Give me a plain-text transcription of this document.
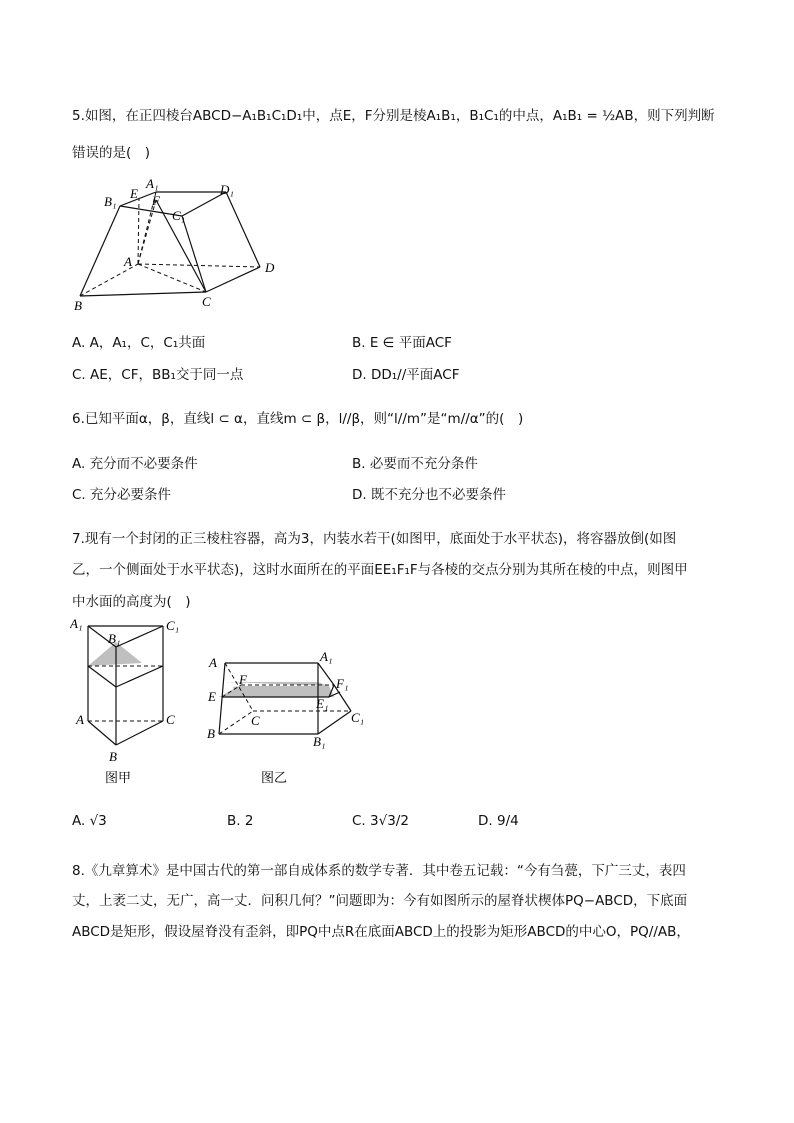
5.如图，在正四棱台ABCD−A₁B₁C₁D₁中，点E，F分别是棱A₁B₁，B₁C₁的中点，A₁B₁ = ½AB，则下列判断
错误的是(　)
B₁
E
A₁
F
C₁
D₁
A	D
B	C
A. A，A₁，C，C₁共面	B. E ∈ 平面ACF
C. AE，CF，BB₁交于同一点	D. DD₁//平面ACF
6.已知平面α，β，直线l ⊂ α，直线m ⊂ β，l//β，则“l//m”是“m//α”的(　)
A. 充分而不必要条件	B. 必要而不充分条件
C. 充分必要条件	D. 既不充分也不必要条件
7.现有一个封闭的正三棱柱容器，高为3，内装水若干(如图甲，底面处于水平状态)，将容器放倒(如图
乙，一个侧面处于水平状态)，这时水面所在的平面EE₁F₁F与各棱的交点分别为其所在棱的中点，则图甲
中水面的高度为(　)
A₁
B₁
C₁
A	C
B
图甲
A	A₁
F	F₁
E	E₁
C	C₁
B
B₁
图乙
A. √3	B. 2	C. 3√3/2	D. 9/4
8.《九章算术》是中国古代的第一部自成体系的数学专著．其中卷五记载：“今有刍甍，下广三丈，表四
丈，上袤二丈，无广，高一丈．问积几何？”问题即为：今有如图所示的屋脊状楔体PQ−ABCD，下底面
ABCD是矩形，假设屋脊没有歪斜，即PQ中点R在底面ABCD上的投影为矩形ABCD的中心O，PQ//AB，
